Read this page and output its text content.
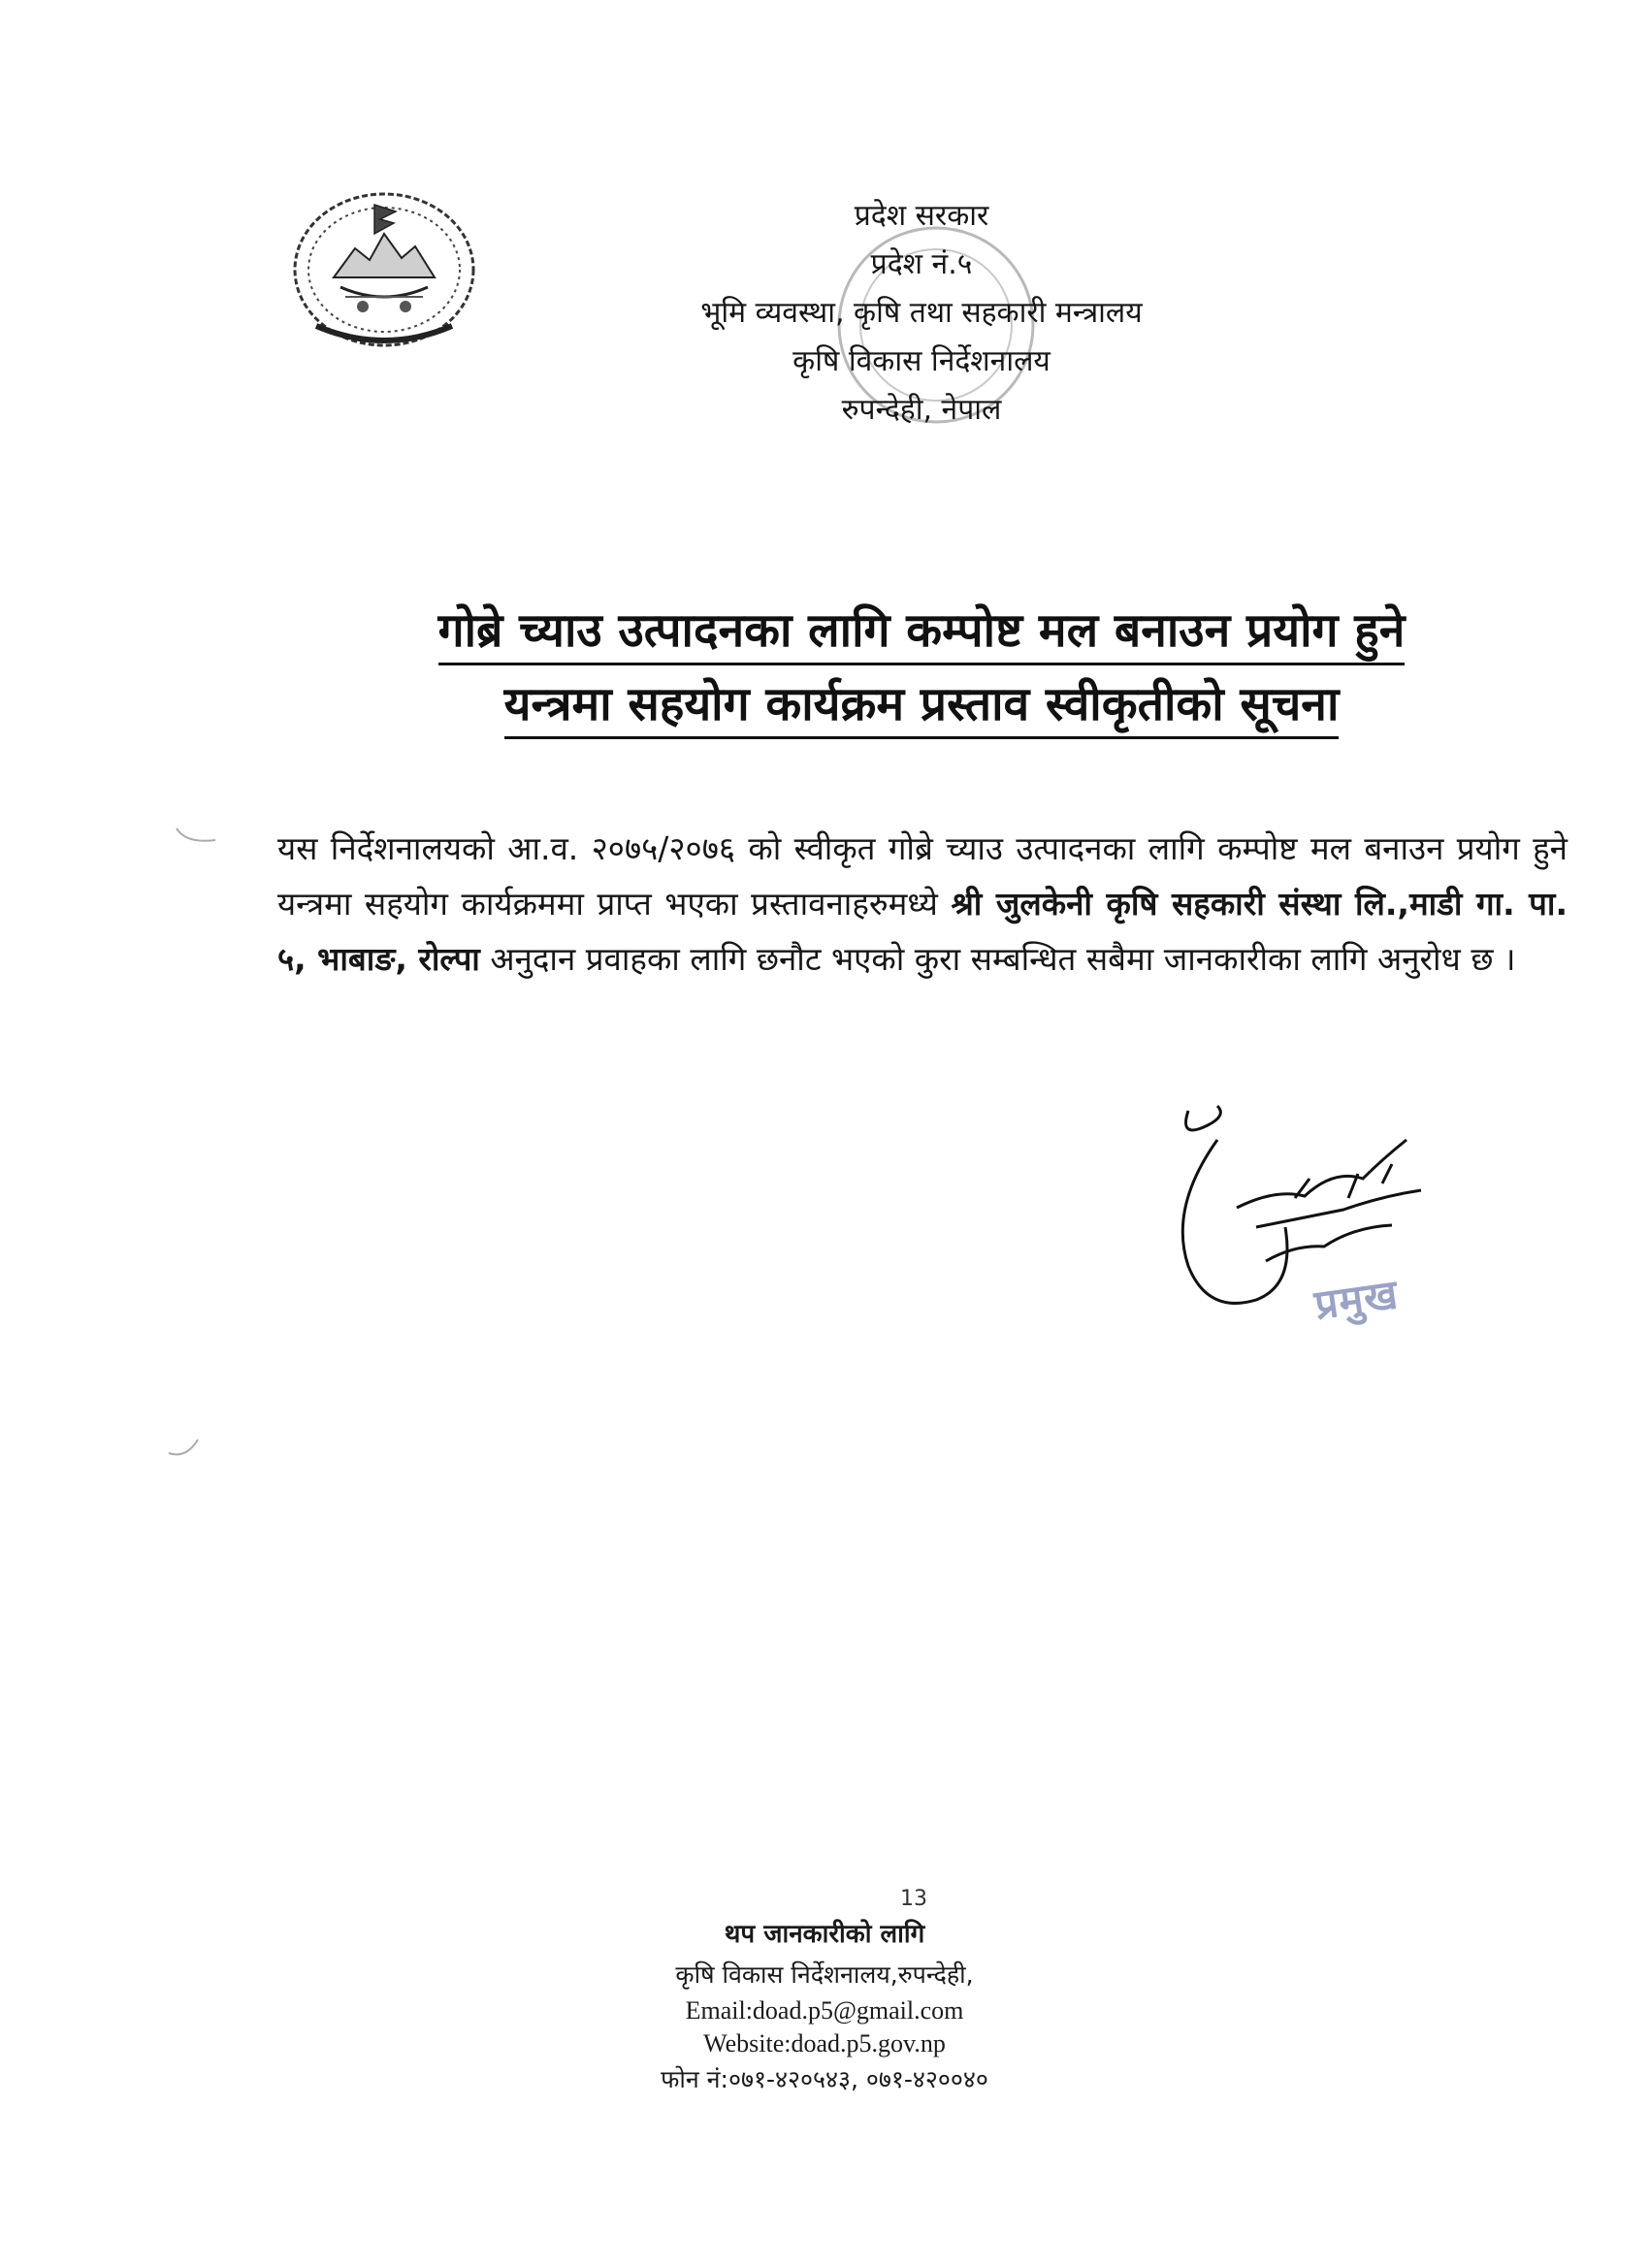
प्रदेश सरकार
प्रदेश नं.५
भूमि व्यवस्था, कृषि तथा सहकारी मन्त्रालय
कृषि विकास निर्देशनालय
रुपन्देही, नेपाल
गोब्रे च्याउ उत्पादनका लागि कम्पोष्ट मल बनाउन प्रयोग हुने
यन्त्रमा सहयोग कार्यक्रम प्रस्ताव स्वीकृतीको सूचना
यस निर्देशनालयको आ.व. २०७५/२०७६ को स्वीकृत गोब्रे च्याउ उत्पादनका लागि कम्पोष्ट मल बनाउन प्रयोग हुने यन्त्रमा सहयोग कार्यक्रममा प्राप्त भएका प्रस्तावनाहरुमध्ये श्री जुलकेनी कृषि सहकारी संस्था लि.,माडी गा. पा. ५, भाबाङ, रोल्पा अनुदान प्रवाहका लागि छनौट भएको कुरा सम्बन्धित सबैमा जानकारीका लागि अनुरोध छ ।
प्रमुख
13
थप जानकारीको लागि
कृषि विकास निर्देशनालय,रुपन्देही,
Email:doad.p5@gmail.com
Website:doad.p5.gov.np
फोन नं:०७१-४२०५४३, ०७१-४२००४०
